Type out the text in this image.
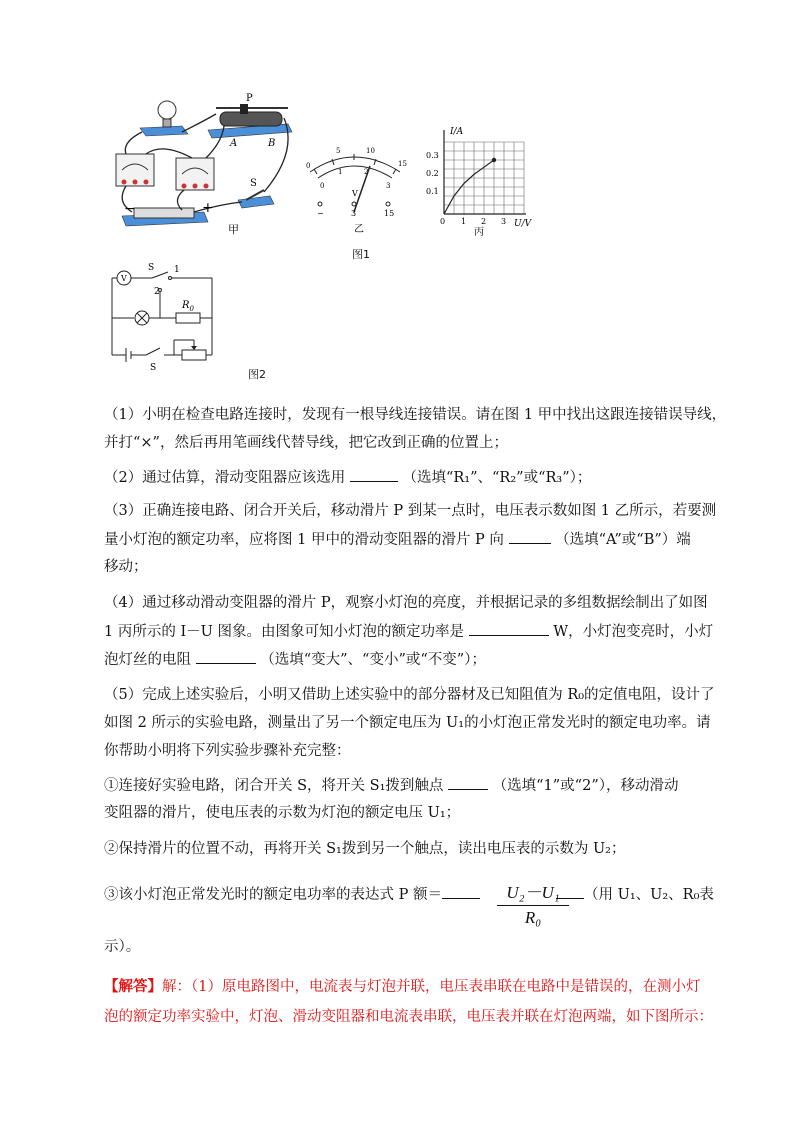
P
A	B
S
+
−
甲
0
5	10
15
0
1	2
3
V
−	3	15
乙
I/A
U/V
0.1
0.2
0.3
0 1 2 3
丙
图1
V
S 1
2
$R_0$
S	图2
（1）小明在检查电路连接时，发现有一根导线连接错误。请在图 1 甲中找出这跟连接错误导线，
并打“×”，然后再用笔画线代替导线，把它改到正确的位置上；
（2）通过估算，滑动变阻器应该选用	（选填“R₁”、“R₂”或“R₃”）；
（3）正确连接电路、闭合开关后，移动滑片 P 到某一点时，电压表示数如图 1 乙所示，若要测
量小灯泡的额定功率，应将图 1 甲中的滑动变阻器的滑片 P 向	（选填“A”或“B”）端
移动；
（4）通过移动滑动变阻器的滑片 P，观察小灯泡的亮度，并根据记录的多组数据绘制出了如图
1 丙所示的 I－U 图象。由图象可知小灯泡的额定功率是	W，小灯泡变亮时，小灯
泡灯丝的电阻	（选填“变大”、“变小”或“不变”）；
（5）完成上述实验后，小明又借助上述实验中的部分器材及已知阻值为 R₀的定值电阻，设计了
如图 2 所示的实验电路，测量出了另一个额定电压为 U₁的小灯泡正常发光时的额定电功率。请
你帮助小明将下列实验步骤补充完整：
①连接好实验电路，闭合开关 S，将开关 S₁拨到触点	（选填“1”或“2”），移动滑动
变阻器的滑片，使电压表的示数为灯泡的额定电压 U₁；
②保持滑片的位置不动，再将开关 S₁拨到另一个触点，读出电压表的示数为 U₂；
③该小灯泡正常发光时的额定电功率的表达式 P 额＝	$\frac{\text{U₂－U₁}}{\text{R₀}}$	（用 U₁、U₂、R₀表
示）。
【解答】解：（1）原电路图中，电流表与灯泡并联，电压表串联在电路中是错误的，在测小灯
泡的额定功率实验中，灯泡、滑动变阻器和电流表串联，电压表并联在灯泡两端，如下图所示：
